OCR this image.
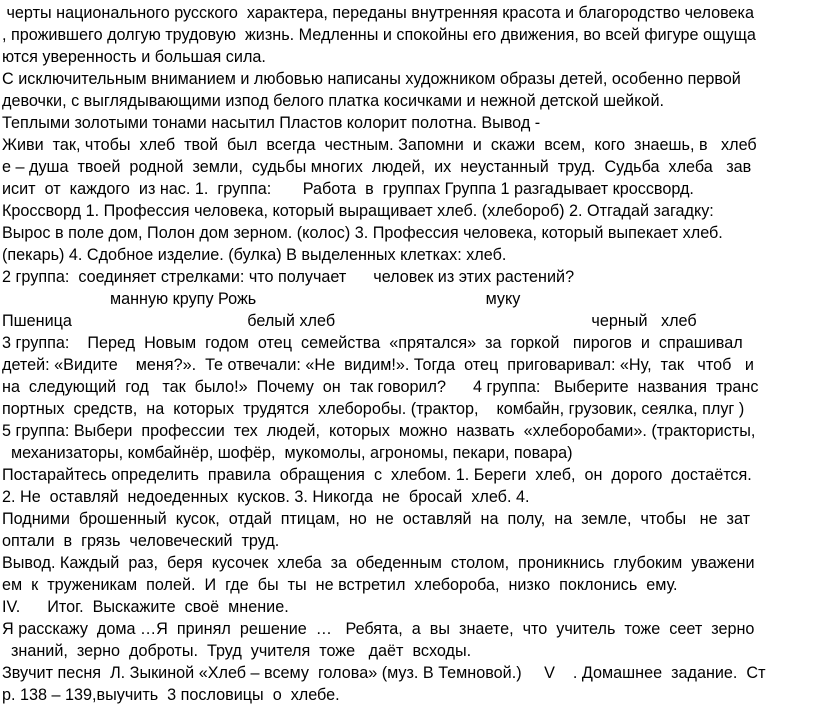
черты национального русского  характера, переданы внутренняя красота и благородство человека
, прожившего долгую трудовую  жизнь. Медленны и спокойны его движения, во всей фигуре ощуща
ются уверенность и большая сила.
С исключительным вниманием и любовью написаны художником образы детей, особенно первой
девочки, с выглядывающими изпод белого платка косичками и нежной детской шейкой.
Теплыми золотыми тонами насытил Пластов колорит полотна. Вывод -
Живи  так, чтобы  хлеб  твой  был  всегда  честным. Запомни  и  скажи  всем,  кого  знаешь, в   хлеб
е – душа  твоей  родной  земли,  судьбы многих  людей,  их  неустанный  труд.  Судьба  хлеба   зав
исит  от  каждого  из нас. 1.  группа:       Работа  в  группах Группа 1 разгадывает кроссворд.
Кроссворд 1. Профессия человека, который выращивает хлеб. (хлебороб) 2. Отгадай загадку:
Вырос в поле дом, Полон дом зерном. (колос) 3. Профессия человека, который выпекает хлеб.
(пекарь) 4. Сдобное изделие. (булка) В выделенных клетках: хлеб.
2 группа:  соединяет стрелками: что получает      человек из этих растений?
манную крупу Рожь                                                   муку
Пшеница                                       белый хлеб                                                         черный   хлеб
3 группа:    Перед  Новым  годом  отец  семейства  «прятался»  за  горкой   пирогов  и  спрашивал
детей: «Видите    меня?».  Те отвечали: «Не  видим!». Тогда  отец  приговаривал: «Ну,  так   чтоб   и
на  следующий  год   так  было!»  Почему  он  так говорил?      4 группа:   Выберите  названия  транс
портных  средств,  на  которых  трудятся  хлеборобы. (трактор,    комбайн, грузовик, сеялка, плуг )
5 группа: Выбери  профессии  тех  людей,  которых  можно  назвать  «хлеборобами». (трактористы,
механизаторы, комбайнёр, шофёр,  мукомолы, агрономы, пекари, повара)
Постарайтесь определить  правила  обращения  с  хлебом. 1. Береги  хлеб,  он  дорого  достаётся.
2. Не  оставляй  недоеденных  кусков. 3. Никогда  не  бросай  хлеб. 4.
Подними  брошенный  кусок,  отдай  птицам,  но  не  оставляй  на  полу,  на  земле,  чтобы   не  зат
оптали  в  грязь  человеческий  труд.
Вывод. Каждый  раз,  беря  кусочек  хлеба  за  обеденным  столом,  проникнись  глубоким  уважени
ем  к  труженикам  полей.  И  где  бы  ты  не встретил  хлебороба,  низко  поклонись  ему.
IV.      Итог.  Выскажите  своё  мнение.
Я расскажу  дома …Я  принял  решение  …   Ребята,  а  вы  знаете,  что  учитель  тоже  сеет  зерно
знаний,  зерно  доброты.  Труд  учителя  тоже   даёт  всходы.
Звучит песня  Л. Зыкиной «Хлеб – всему  голова» (муз. В Темновой.)     V    . Домашнее  задание.  Ст
р. 138 – 139,выучить  3 пословицы  о  хлебе.
